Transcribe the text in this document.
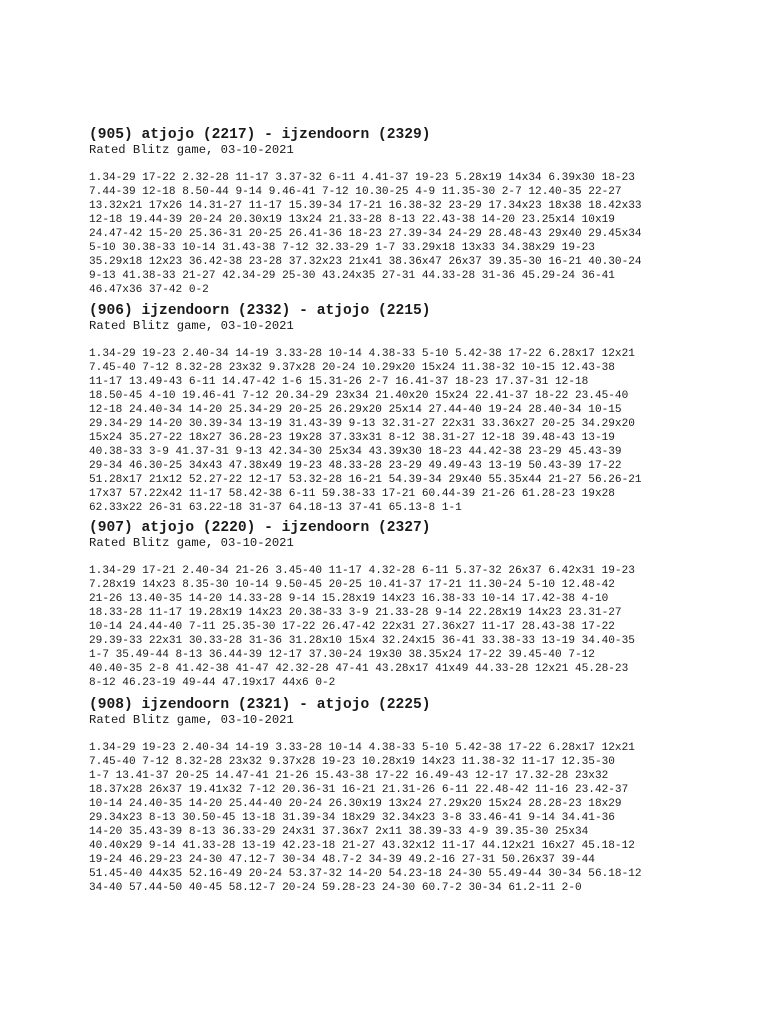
(905) atjojo (2217) - ijzendoorn (2329)
Rated Blitz game, 03-10-2021
1.34-29 17-22 2.32-28 11-17 3.37-32 6-11 4.41-37 19-23 5.28x19 14x34 6.39x30 18-23
7.44-39 12-18 8.50-44 9-14 9.46-41 7-12 10.30-25 4-9 11.35-30 2-7 12.40-35 22-27
13.32x21 17x26 14.31-27 11-17 15.39-34 17-21 16.38-32 23-29 17.34x23 18x38 18.42x33
12-18 19.44-39 20-24 20.30x19 13x24 21.33-28 8-13 22.43-38 14-20 23.25x14 10x19
24.47-42 15-20 25.36-31 20-25 26.41-36 18-23 27.39-34 24-29 28.48-43 29x40 29.45x34
5-10 30.38-33 10-14 31.43-38 7-12 32.33-29 1-7 33.29x18 13x33 34.38x29 19-23
35.29x18 12x23 36.42-38 23-28 37.32x23 21x41 38.36x47 26x37 39.35-30 16-21 40.30-24
9-13 41.38-33 21-27 42.34-29 25-30 43.24x35 27-31 44.33-28 31-36 45.29-24 36-41
46.47x36 37-42 0-2
(906) ijzendoorn (2332) - atjojo (2215)
Rated Blitz game, 03-10-2021
1.34-29 19-23 2.40-34 14-19 3.33-28 10-14 4.38-33 5-10 5.42-38 17-22 6.28x17 12x21
7.45-40 7-12 8.32-28 23x32 9.37x28 20-24 10.29x20 15x24 11.38-32 10-15 12.43-38
11-17 13.49-43 6-11 14.47-42 1-6 15.31-26 2-7 16.41-37 18-23 17.37-31 12-18
18.50-45 4-10 19.46-41 7-12 20.34-29 23x34 21.40x20 15x24 22.41-37 18-22 23.45-40
12-18 24.40-34 14-20 25.34-29 20-25 26.29x20 25x14 27.44-40 19-24 28.40-34 10-15
29.34-29 14-20 30.39-34 13-19 31.43-39 9-13 32.31-27 22x31 33.36x27 20-25 34.29x20
15x24 35.27-22 18x27 36.28-23 19x28 37.33x31 8-12 38.31-27 12-18 39.48-43 13-19
40.38-33 3-9 41.37-31 9-13 42.34-30 25x34 43.39x30 18-23 44.42-38 23-29 45.43-39
29-34 46.30-25 34x43 47.38x49 19-23 48.33-28 23-29 49.49-43 13-19 50.43-39 17-22
51.28x17 21x12 52.27-22 12-17 53.32-28 16-21 54.39-34 29x40 55.35x44 21-27 56.26-21
17x37 57.22x42 11-17 58.42-38 6-11 59.38-33 17-21 60.44-39 21-26 61.28-23 19x28
62.33x22 26-31 63.22-18 31-37 64.18-13 37-41 65.13-8 1-1
(907) atjojo (2220) - ijzendoorn (2327)
Rated Blitz game, 03-10-2021
1.34-29 17-21 2.40-34 21-26 3.45-40 11-17 4.32-28 6-11 5.37-32 26x37 6.42x31 19-23
7.28x19 14x23 8.35-30 10-14 9.50-45 20-25 10.41-37 17-21 11.30-24 5-10 12.48-42
21-26 13.40-35 14-20 14.33-28 9-14 15.28x19 14x23 16.38-33 10-14 17.42-38 4-10
18.33-28 11-17 19.28x19 14x23 20.38-33 3-9 21.33-28 9-14 22.28x19 14x23 23.31-27
10-14 24.44-40 7-11 25.35-30 17-22 26.47-42 22x31 27.36x27 11-17 28.43-38 17-22
29.39-33 22x31 30.33-28 31-36 31.28x10 15x4 32.24x15 36-41 33.38-33 13-19 34.40-35
1-7 35.49-44 8-13 36.44-39 12-17 37.30-24 19x30 38.35x24 17-22 39.45-40 7-12
40.40-35 2-8 41.42-38 41-47 42.32-28 47-41 43.28x17 41x49 44.33-28 12x21 45.28-23
8-12 46.23-19 49-44 47.19x17 44x6 0-2
(908) ijzendoorn (2321) - atjojo (2225)
Rated Blitz game, 03-10-2021
1.34-29 19-23 2.40-34 14-19 3.33-28 10-14 4.38-33 5-10 5.42-38 17-22 6.28x17 12x21
7.45-40 7-12 8.32-28 23x32 9.37x28 19-23 10.28x19 14x23 11.38-32 11-17 12.35-30
1-7 13.41-37 20-25 14.47-41 21-26 15.43-38 17-22 16.49-43 12-17 17.32-28 23x32
18.37x28 26x37 19.41x32 7-12 20.36-31 16-21 21.31-26 6-11 22.48-42 11-16 23.42-37
10-14 24.40-35 14-20 25.44-40 20-24 26.30x19 13x24 27.29x20 15x24 28.28-23 18x29
29.34x23 8-13 30.50-45 13-18 31.39-34 18x29 32.34x23 3-8 33.46-41 9-14 34.41-36
14-20 35.43-39 8-13 36.33-29 24x31 37.36x7 2x11 38.39-33 4-9 39.35-30 25x34
40.40x29 9-14 41.33-28 13-19 42.23-18 21-27 43.32x12 11-17 44.12x21 16x27 45.18-12
19-24 46.29-23 24-30 47.12-7 30-34 48.7-2 34-39 49.2-16 27-31 50.26x37 39-44
51.45-40 44x35 52.16-49 20-24 53.37-32 14-20 54.23-18 24-30 55.49-44 30-34 56.18-12
34-40 57.44-50 40-45 58.12-7 20-24 59.28-23 24-30 60.7-2 30-34 61.2-11 2-0
